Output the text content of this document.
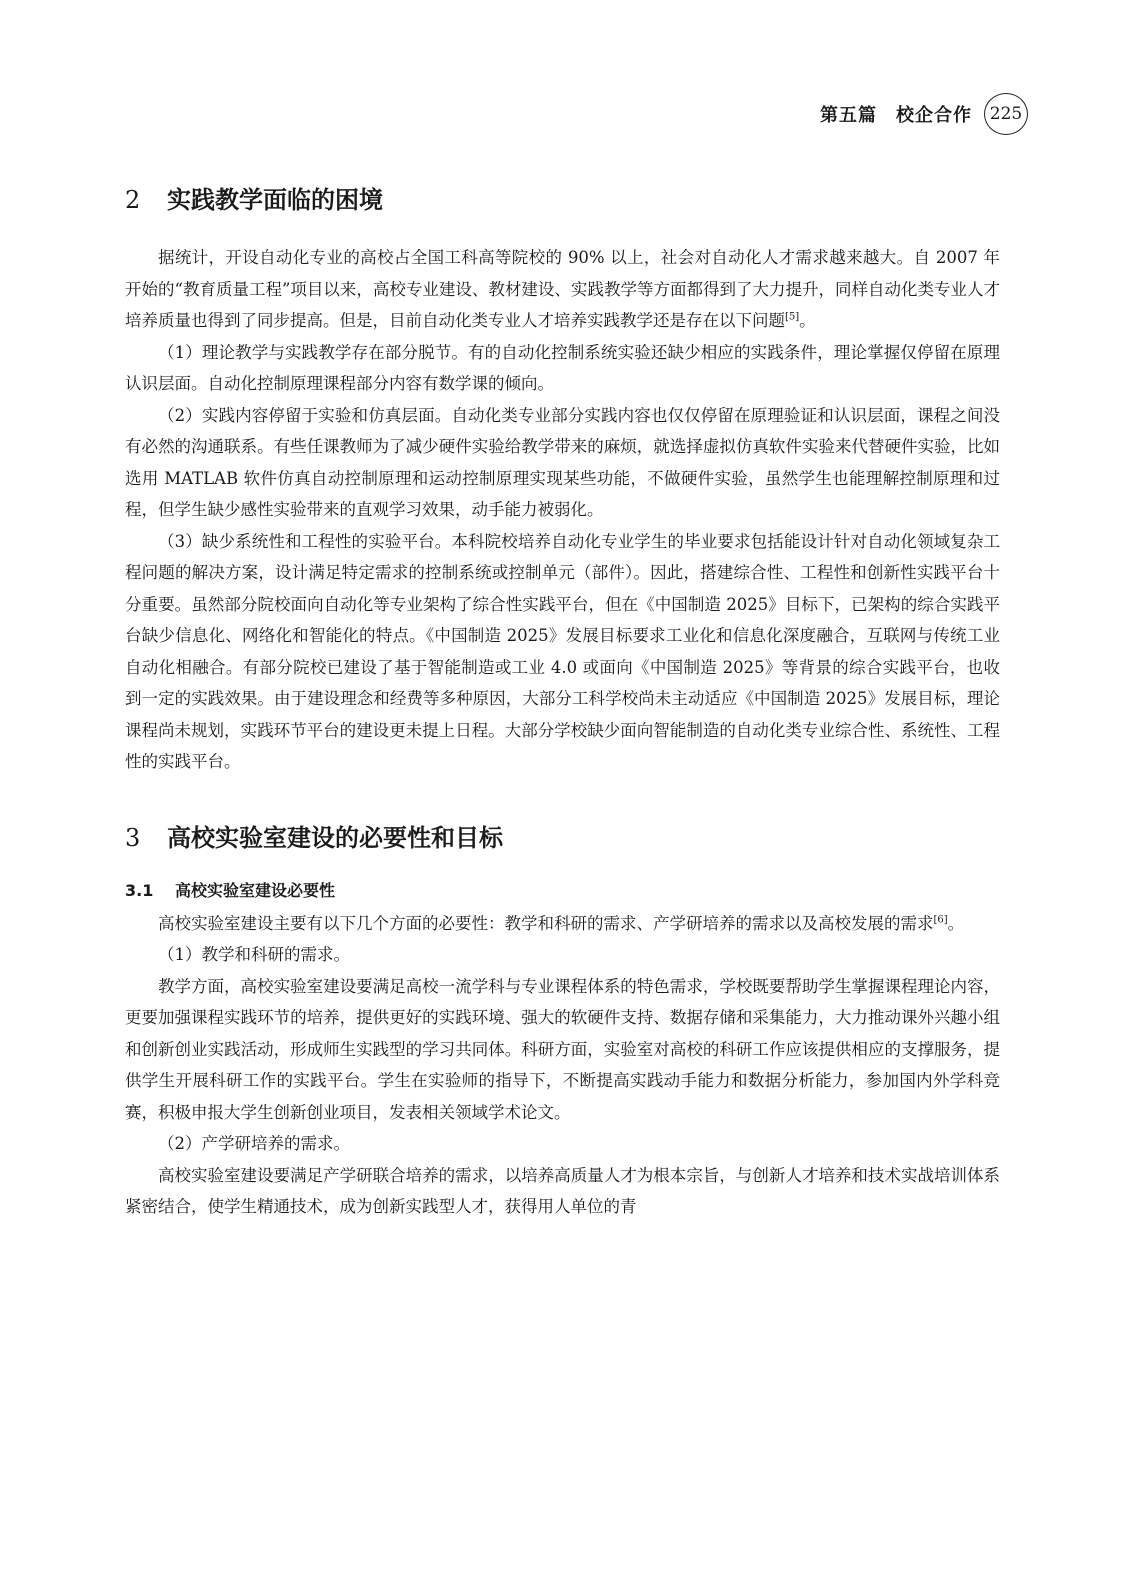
第五篇　校企合作	225
2	实践教学面临的困境

据统计，开设自动化专业的高校占全国工科高等院校的 90% 以上，社会对自动化人才需求越来越大。自 2007 年开始的“教育质量工程”项目以来，高校专业建设、教材建设、实践教学等方面都得到了大力提升，同样自动化类专业人才培养质量也得到了同步提高。但是，目前自动化类专业人才培养实践教学还是存在以下问题[5]。

（1）理论教学与实践教学存在部分脱节。有的自动化控制系统实验还缺少相应的实践条件，理论掌握仅停留在原理认识层面。自动化控制原理课程部分内容有数学课的倾向。

（2）实践内容停留于实验和仿真层面。自动化类专业部分实践内容也仅仅停留在原理验证和认识层面，课程之间没有必然的沟通联系。有些任课教师为了减少硬件实验给教学带来的麻烦，就选择虚拟仿真软件实验来代替硬件实验，比如选用 MATLAB 软件仿真自动控制原理和运动控制原理实现某些功能，不做硬件实验，虽然学生也能理解控制原理和过程，但学生缺少感性实验带来的直观学习效果，动手能力被弱化。

（3）缺少系统性和工程性的实验平台。本科院校培养自动化专业学生的毕业要求包括能设计针对自动化领域复杂工程问题的解决方案，设计满足特定需求的控制系统或控制单元（部件）。因此，搭建综合性、工程性和创新性实践平台十分重要。虽然部分院校面向自动化等专业架构了综合性实践平台，但在《中国制造 2025》目标下，已架构的综合实践平台缺少信息化、网络化和智能化的特点。《中国制造 2025》发展目标要求工业化和信息化深度融合，互联网与传统工业自动化相融合。有部分院校已建设了基于智能制造或工业 4.0 或面向《中国制造 2025》等背景的综合实践平台，也收到一定的实践效果。由于建设理念和经费等多种原因，大部分工科学校尚未主动适应《中国制造 2025》发展目标，理论课程尚未规划，实践环节平台的建设更未提上日程。大部分学校缺少面向智能制造的自动化类专业综合性、系统性、工程性的实践平台。

3	高校实验室建设的必要性和目标
3.1	高校实验室建设必要性

高校实验室建设主要有以下几个方面的必要性：教学和科研的需求、产学研培养的需求以及高校发展的需求[6]。

（1）教学和科研的需求。

教学方面，高校实验室建设要满足高校一流学科与专业课程体系的特色需求，学校既要帮助学生掌握课程理论内容，更要加强课程实践环节的培养，提供更好的实践环境、强大的软硬件支持、数据存储和采集能力，大力推动课外兴趣小组和创新创业实践活动，形成师生实践型的学习共同体。科研方面，实验室对高校的科研工作应该提供相应的支撑服务，提供学生开展科研工作的实践平台。学生在实验师的指导下，不断提高实践动手能力和数据分析能力，参加国内外学科竞赛，积极申报大学生创新创业项目，发表相关领域学术论文。

（2）产学研培养的需求。

高校实验室建设要满足产学研联合培养的需求，以培养高质量人才为根本宗旨，与创新人才培养和技术实战培训体系紧密结合，使学生精通技术，成为创新实践型人才，获得用人单位的青
